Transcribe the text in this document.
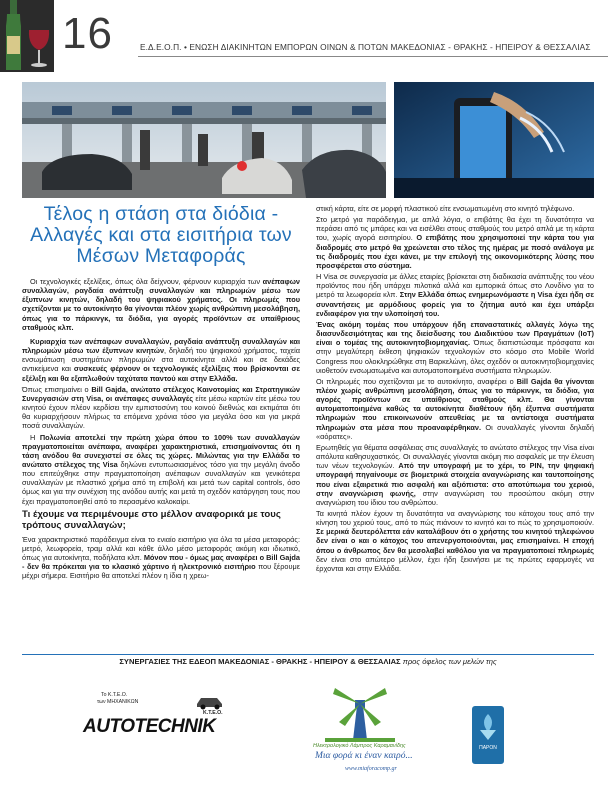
16	Ε.Δ.Ε.Ο.Π. • ΕΝΩΣΗ ΔΙΑΚΙΝΗΤΩΝ ΕΜΠΟΡΩΝ ΟΙΝΩΝ & ΠΟΤΩΝ ΜΑΚΕΔΟΝΙΑΣ - ΘΡΑΚΗΣ - ΗΠΕΙΡΟΥ & ΘΕΣΣΑΛΙΑΣ
Τέλος η στάση στα διόδια - Αλλαγές και στα εισιτήρια των Μέσων Μεταφοράς

Οι τεχνολογικές εξελίξεις, όπως όλα δείχνουν, φέρνουν κυριαρχία των ανέπαφων συναλλαγών, ραγδαία ανάπτυξη συναλλαγών και πληρωμών μέσω των έξυπνων κινητών, δηλαδή του ψηφιακού χρήματος. Οι πληρωμές που σχετίζονται με το αυτοκίνητο θα γίνονται πλέον χωρίς ανθρώπινη μεσολάβηση, όπως για το πάρκινγκ, τα διόδια, για αγορές προϊόντων σε υπαίθριους σταθμούς κλπ.

Κυριαρχία των ανέπαφων συναλλαγών, ραγδαία ανάπτυξη συναλλαγών και πληρωμών μέσω των έξυπνων κινητών, δηλαδή του ψηφιακού χρήματος, ταχεία ενσωμάτωση συστημάτων πληρωμών στα αυτοκίνητα αλλά και σε δεκάδες αντικείμενα και συσκευές φέρνουν οι τεχνολογικές εξελίξεις που βρίσκονται σε εξέλιξη και θα εξαπλωθούν ταχύτατα παντού και στην Ελλάδα.

Όπως επισημαίνει ο Bill Gajda, ανώτατο στέλεχος Καινοτομίας και Στρατηγικών Συνεργασιών στη Visa, οι ανέπαφες συναλλαγές είτε μέσω καρτών είτε μέσω του κινητού έχουν πλέον κερδίσει την εμπιστοσύνη του κοινού διεθνώς και εκτιμάται ότι θα κυριαρχήσουν πλήρως τα επόμενα χρόνια τόσο για μεγάλα όσο και για μικρά ποσά συναλλαγών.

Η Πολωνία αποτελεί την πρώτη χώρα όπου το 100% των συναλλαγών πραγματοποιείται ανέπαφα, αναφέρει χαρακτηριστικά, επισημαίνοντας ότι η τάση ανόδου θα συνεχιστεί σε όλες τις χώρες. Μιλώντας για την Ελλάδα το ανώτατο στέλεχος της Visa δηλώνει εντυπωσιασμένος τόσο για την μεγάλη άνοδο που επιτεύχθηκε στην πραγματοποίηση ανέπαφων συναλλαγών και γενικότερα συναλλαγών με πλαστικό χρήμα από τη επιβολή και μετά των capital controls, όσο όμως και για την συνέχιση της ανόδου αυτής και μετά τη σχεδόν κατάργηση τους που έχει πραγματοποιηθεί από το περασμένο καλοκαίρι.

Τι έχουμε να περιμένουμε στο μέλλον αναφορικά με τους τρόπους συναλλαγών;

Ένα χαρακτηριστικό παράδειγμα είναι το ενιαίο εισιτήριο για όλα τα μέσα μεταφοράς: μετρό, λεωφορεία, τραμ αλλά και κάθε άλλο μέσο μεταφοράς ακόμη και ιδιωτικό, όπως για αυτοκίνητα, ποδήλατα κλπ. Μόνον που - όμως μας αναφέρει ο Bill Gajda - δεν θα πρόκειται για το κλασικό χάρτινο ή ηλεκτρονικό εισιτήριο που ξέρουμε μέχρι σήμερα. Εισιτήριο θα αποτελεί πλέον η ίδια η χρεω-

στική κάρτα, είτε σε μορφή πλαστικού είτε ενσωματωμένη στο κινητό τηλέφωνο.

Στο μετρό για παράδειγμα, με απλά λόγια, ο επιβάτης θα έχει τη δυνατότητα να περάσει από τις μπάρες και να εισέλθει στους σταθμούς του μετρό απλά με τη κάρτα του, χωρίς αγορά εισιτηρίου. Ο επιβάτης που χρησιμοποιεί την κάρτα του για διαδρομές στο μετρό θα χρεώνεται στο τέλος της ημέρας με ποσό ανάλογα με τις διαδρομές που έχει κάνει, με την επιλογή της οικονομικότερης λύσης που προσφέρεται στο σύστημα.

Η Visa σε συνεργασία με άλλες εταιρίες βρίσκεται στη διαδικασία ανάπτυξης του νέου προϊόντος που ήδη υπάρχει πιλοτικά αλλά και εμπορικά όπως στο Λονδίνο για το μετρό τα λεωφορεία κλπ. Στην Ελλάδα όπως ενημερωνόμαστε η Visa έχει ήδη σε συναντήσεις με αρμόδιους φορείς για το ζήτημα αυτό και έχει υπάρξει ενδιαφέρον για την υλοποίησή του.

Ένας ακόμη τομέας που υπάρχουν ήδη επαναστατικές αλλαγές λόγω της διασυνδεσιμότητας και της διείσδυσης του Διαδικτύου των Πραγμάτων (IoT) είναι ο τομέας της αυτοκινητοβιομηχανίας. Όπως διαπιστώσαμε πρόσφατα και στην μεγαλύτερη έκθεση ψηφιακών τεχνολογιών στο κόσμο στο Mobile World Congress που ολοκληρώθηκε στη Βαρκελώνη, όλες σχεδόν οι αυτοκινητοβιομηχανίες υιοθετούν ενσωματωμένα και αυτοματοποιημένα συστήματα πληρωμών.

Οι πληρωμές που σχετίζονται με το αυτοκίνητο, αναφέρει ο Bill Gajda θα γίνονται πλέον χωρίς ανθρώπινη μεσολάβηση, όπως για το πάρκινγκ, τα διόδια, για αγορές προϊόντων σε υπαίθριους σταθμούς κλπ. Θα γίνονται αυτοματοποιημένα καθώς τα αυτοκίνητα διαθέτουν ήδη έξυπνα συστήματα πληρωμών που επικοινωνούν απευθείας με τα αντίστοιχα συστήματα πληρωμών στα μέσα που προαναφέρθηκαν. Οι συναλλαγές γίνονται δηλαδή «αόρατες».

Ερωτηθείς για θέματα ασφάλειας στις συναλλαγές το ανώτατο στέλεχος την Visa είναι απόλυτα καθησυχαστικός. Οι συναλλαγές γίνονται ακόμη πιο ασφαλείς με την έλευση των νέων τεχνολογιών. Από την υπογραφή με το χέρι, το PIN, την ψηφιακή υπογραφή πηγαίνουμε σε βιομετρικά στοιχεία αναγνώρισης και ταυτοποίησης που είναι εξαιρετικά πιο ασφαλή και αξιόπιστα: στο αποτύπωμα του χεριού, στην αναγνώριση φωνής, στην αναγνώριση του προσώπου ακόμη στην αναγνώριση του ίδιου του ανθρώπου.

Τα κινητά πλέον έχουν τη δυνατότητα να αναγνώρισης του κάτοχου τους από την κίνηση του χεριού τους, από το πώς πιάνουν το κινητό και το πώς το χρησιμοποιούν. Σε μερικά δευτερόλεπτα εάν καταλάβουν ότι ο χρήστης του κινητού τηλεφώνου δεν είναι ο και ο κάτοχος του απενεργοποιούνται, μας επισημαίνει. Η εποχή όπου ο άνθρωπος δεν θα μεσολαβεί καθόλου για να πραγματοποιεί πληρωμές δεν είναι στο απώτερο μέλλον, έχει ήδη ξεκινήσει με τις πρώτες εφαρμογές να έρχονται και στην Ελλάδα.

ΣΥΝΕΡΓΑΣΙΕΣ ΤΗΣ ΕΔΕΟΠ ΜΑΚΕΔΟΝΙΑΣ - ΘΡΑΚΗΣ - ΗΠΕΙΡΟΥ & ΘΕΣΣΑΛΙΑΣ προς όφελος των μελών της
Το Κ.Τ.Ε.Ο.
των ΜΗΧΑΝΙΚΩΝ
Κ.Τ.Ε.Ο.
AUTOTECHNIK
Ηλεκτρολογικό Λάμπρος Καραμανίδης
Μια φορά κι έναν καιρό...
www.miaforacomp.gr
ΠΑΡΟΝ
